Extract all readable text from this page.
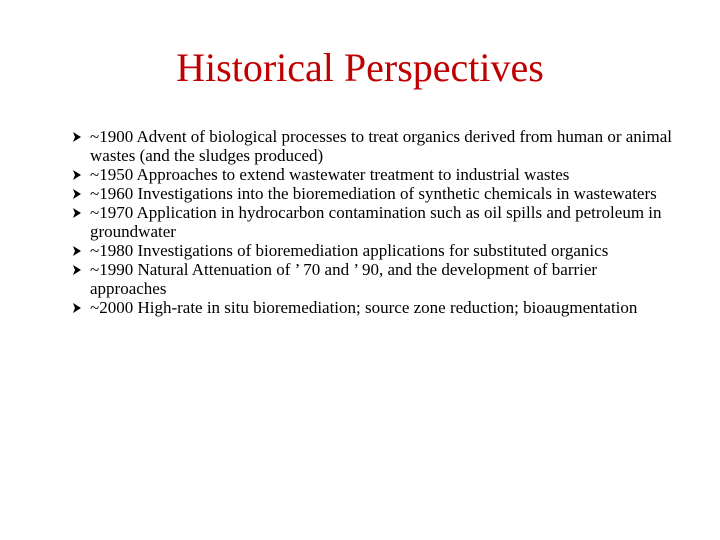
Historical Perspectives
~1900 Advent of biological processes to treat organics derived from human or animal wastes (and the sludges produced)
~1950 Approaches to extend wastewater treatment to industrial wastes
~1960 Investigations into the bioremediation of synthetic chemicals in wastewaters
~1970 Application in hydrocarbon contamination such as oil spills and petroleum in groundwater
~1980 Investigations of bioremediation applications for substituted organics
~1990 Natural Attenuation of ’ 70 and ’ 90, and the development of barrier approaches
~2000 High-rate in situ bioremediation; source zone reduction; bioaugmentation
